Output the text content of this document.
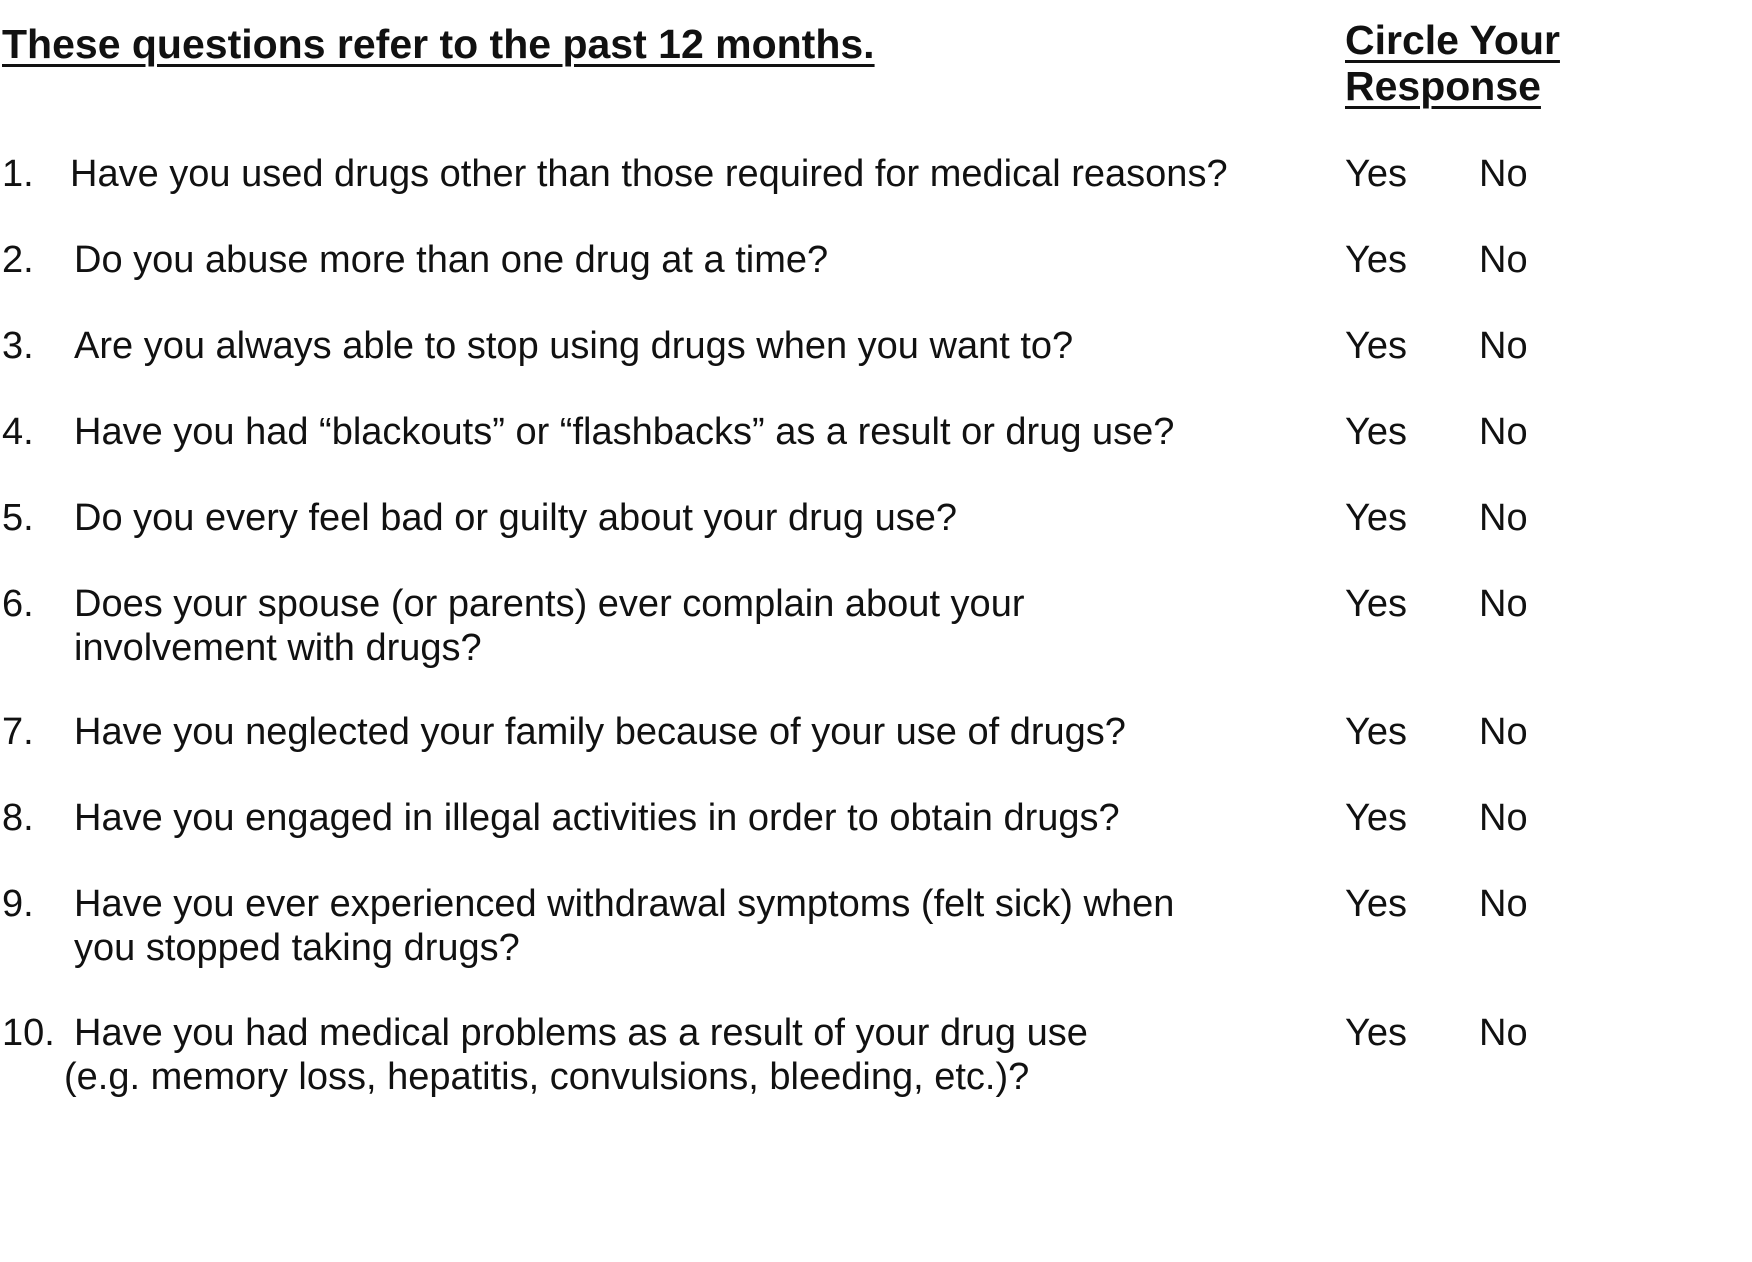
These questions refer to the past 12 months.	Circle Your
Response
1. Have you used drugs other than those required for medical reasons?	Yes No
2. Do you abuse more than one drug at a time?	Yes No
3. Are you always able to stop using drugs when you want to?	Yes No
4. Have you had “blackouts” or “flashbacks” as a result or drug use?	Yes No
5. Do you every feel bad or guilty about your drug use?	Yes No
6. Does your spouse (or parents) ever complain about your
involvement with drugs?
Yes No
7. Have you neglected your family because of your use of drugs?	Yes No
8. Have you engaged in illegal activities in order to obtain drugs?	Yes No
9. Have you ever experienced withdrawal symptoms (felt sick) when
you stopped taking drugs?
Yes No
10. Have you had medical problems as a result of your drug use
(e.g. memory loss, hepatitis, convulsions, bleeding, etc.)?
Yes No
